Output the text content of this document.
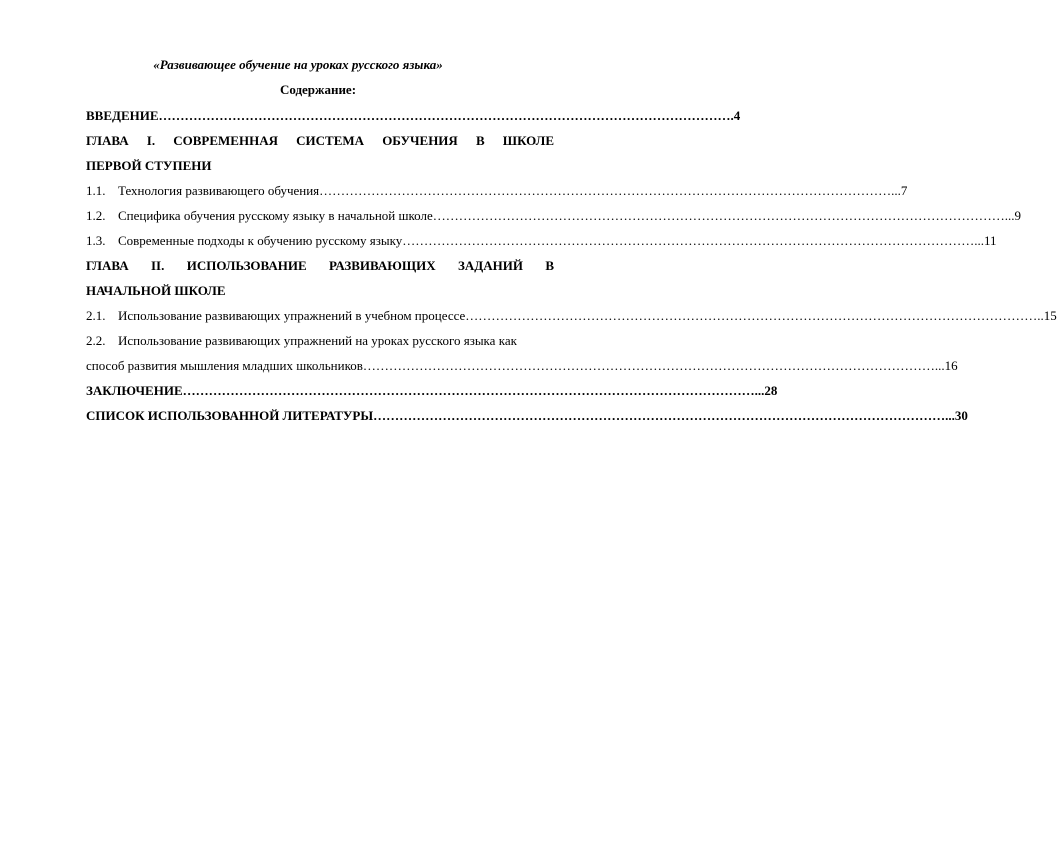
«Развивающее обучение на уроках русского языка»
Содержание:
ВВЕДЕНИЕ ……………………………………………………………………………………………………………………	.4
ГЛАВА I. СОВРЕМЕННАЯ СИСТЕМА ОБУЧЕНИЯ В ШКОЛЕ
ПЕРВОЙ СТУПЕНИ
1.1. Технология развивающего обучения ……………………………………………………………………………………………………………………	...7
1.2. Специфика обучения русскому языку в начальной школе ……………………………………………………………………………………………………………………	...9
1.3. Современные подходы к обучению русскому языку ……………………………………………………………………………………………………………………	...11
ГЛАВА II. ИСПОЛЬЗОВАНИЕ РАЗВИВАЮЩИХ ЗАДАНИЙ В
НАЧАЛЬНОЙ ШКОЛЕ
2.1. Использование развивающих упражнений в учебном процессе ……………………………………………………………………………………………………………………	..15
2.2. Использование развивающих упражнений на уроках русского языка как
способ развития мышления младших школьников ……………………………………………………………………………………………………………………	...16
ЗАКЛЮЧЕНИЕ ……………………………………………………………………………………………………………………	...28
СПИСОК ИСПОЛЬЗОВАННОЙ ЛИТЕРАТУРЫ ……………………………………………………………………………………………………………………	...30
